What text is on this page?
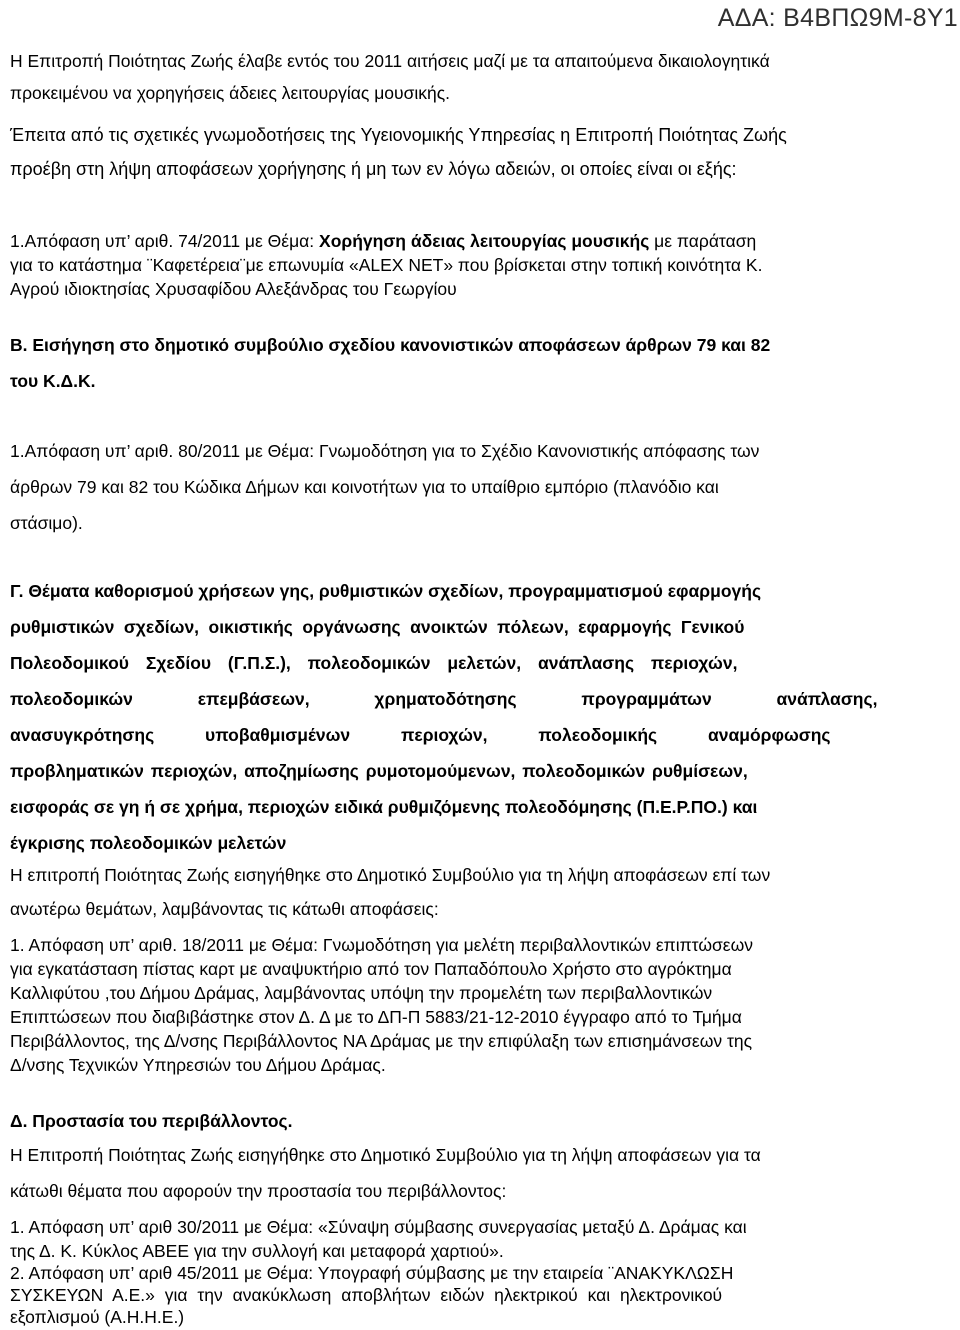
ΑΔΑ: Β4ΒΠΩ9Μ-8Υ1
Η Επιτροπή Ποιότητας Ζωής έλαβε εντός του 2011 αιτήσεις μαζί με τα απαιτούμενα δικαιολογητικά
προκειμένου να χορηγήσεις άδειες λειτουργίας μουσικής.
Έπειτα από τις σχετικές γνωμοδοτήσεις της Υγειονομικής Υπηρεσίας η Επιτροπή Ποιότητας Ζωής
προέβη στη λήψη αποφάσεων χορήγησης ή μη των εν λόγω αδειών, οι οποίες είναι οι εξής:
1.Απόφαση υπ’ αριθ. 74/2011 με Θέμα: Χορήγηση άδειας λειτουργίας μουσικής με παράταση
για το κατάστημα ¨Καφετέρεια¨με επωνυμία «ALEX NET» που βρίσκεται στην τοπική κοινότητα Κ.
Αγρού ιδιοκτησίας Χρυσαφίδου Αλεξάνδρας του Γεωργίου
Β. Εισήγηση στο δημοτικό συμβούλιο σχεδίου κανονιστικών αποφάσεων άρθρων 79 και 82
του Κ.Δ.Κ.
1.Απόφαση υπ’ αριθ. 80/2011 με Θέμα: Γνωμοδότηση για το Σχέδιο Κανονιστικής απόφασης των
άρθρων 79 και 82 του Κώδικα Δήμων και κοινοτήτων για το υπαίθριο εμπόριο (πλανόδιο και
στάσιμο).
Γ. Θέματα καθορισμού χρήσεων γης, ρυθμιστικών σχεδίων, προγραμματισμού εφαρμογής
ρυθμιστικών σχεδίων, οικιστικής οργάνωσης ανοικτών πόλεων, εφαρμογής Γενικού
Πολεοδομικού Σχεδίου (Γ.Π.Σ.), πολεοδομικών μελετών, ανάπλασης περιοχών,
πολεοδομικών επεμβάσεων, χρηματοδότησης προγραμμάτων ανάπλασης,
ανασυγκρότησης υποβαθμισμένων περιοχών, πολεοδομικής αναμόρφωσης
προβληματικών περιοχών, αποζημίωσης ρυμοτομούμενων, πολεοδομικών ρυθμίσεων,
εισφοράς σε γη ή σε χρήμα, περιοχών ειδικά ρυθμιζόμενης πολεοδόμησης (Π.Ε.Ρ.ΠΟ.) και
έγκρισης πολεοδομικών μελετών
Η επιτροπή Ποιότητας Ζωής εισηγήθηκε στο Δημοτικό Συμβούλιο για τη λήψη αποφάσεων επί των
ανωτέρω θεμάτων, λαμβάνοντας τις κάτωθι αποφάσεις:
1. Απόφαση υπ’ αριθ. 18/2011 με Θέμα: Γνωμοδότηση για μελέτη περιβαλλοντικών επιπτώσεων
για εγκατάσταση πίστας καρτ με αναψυκτήριο από τον Παπαδόπουλο Χρήστο στο αγρόκτημα
Καλλιφύτου ,του Δήμου Δράμας, λαμβάνοντας υπόψη την προμελέτη των περιβαλλοντικών
Επιπτώσεων που διαβιβάστηκε στον Δ. Δ με το ΔΠ-Π 5883/21-12-2010 έγγραφο από το Τμήμα
Περιβάλλοντος, της Δ/νσης Περιβάλλοντος ΝΑ Δράμας με την επιφύλαξη των επισημάνσεων της
Δ/νσης Τεχνικών Υπηρεσιών του Δήμου Δράμας.
Δ. Προστασία του περιβάλλοντος.
Η Επιτροπή Ποιότητας Ζωής εισηγήθηκε στο Δημοτικό Συμβούλιο για τη λήψη αποφάσεων για τα
κάτωθι θέματα που αφορούν την προστασία του περιβάλλοντος:
1. Απόφαση υπ’ αριθ 30/2011 με Θέμα: «Σύναψη σύμβασης συνεργασίας μεταξύ Δ. Δράμας και
της Δ. Κ. Κύκλος ΑΒΕΕ για την συλλογή και μεταφορά χαρτιού».
2. Απόφαση υπ’ αριθ 45/2011 με Θέμα: Υπογραφή σύμβασης με την εταιρεία ¨ΑΝΑΚΥΚΛΩΣΗ
ΣΥΣΚΕΥΩΝ Α.Ε.» για την ανακύκλωση αποβλήτων ειδών ηλεκτρικού και ηλεκτρονικού
εξοπλισμού (Α.Η.Η.Ε.)
